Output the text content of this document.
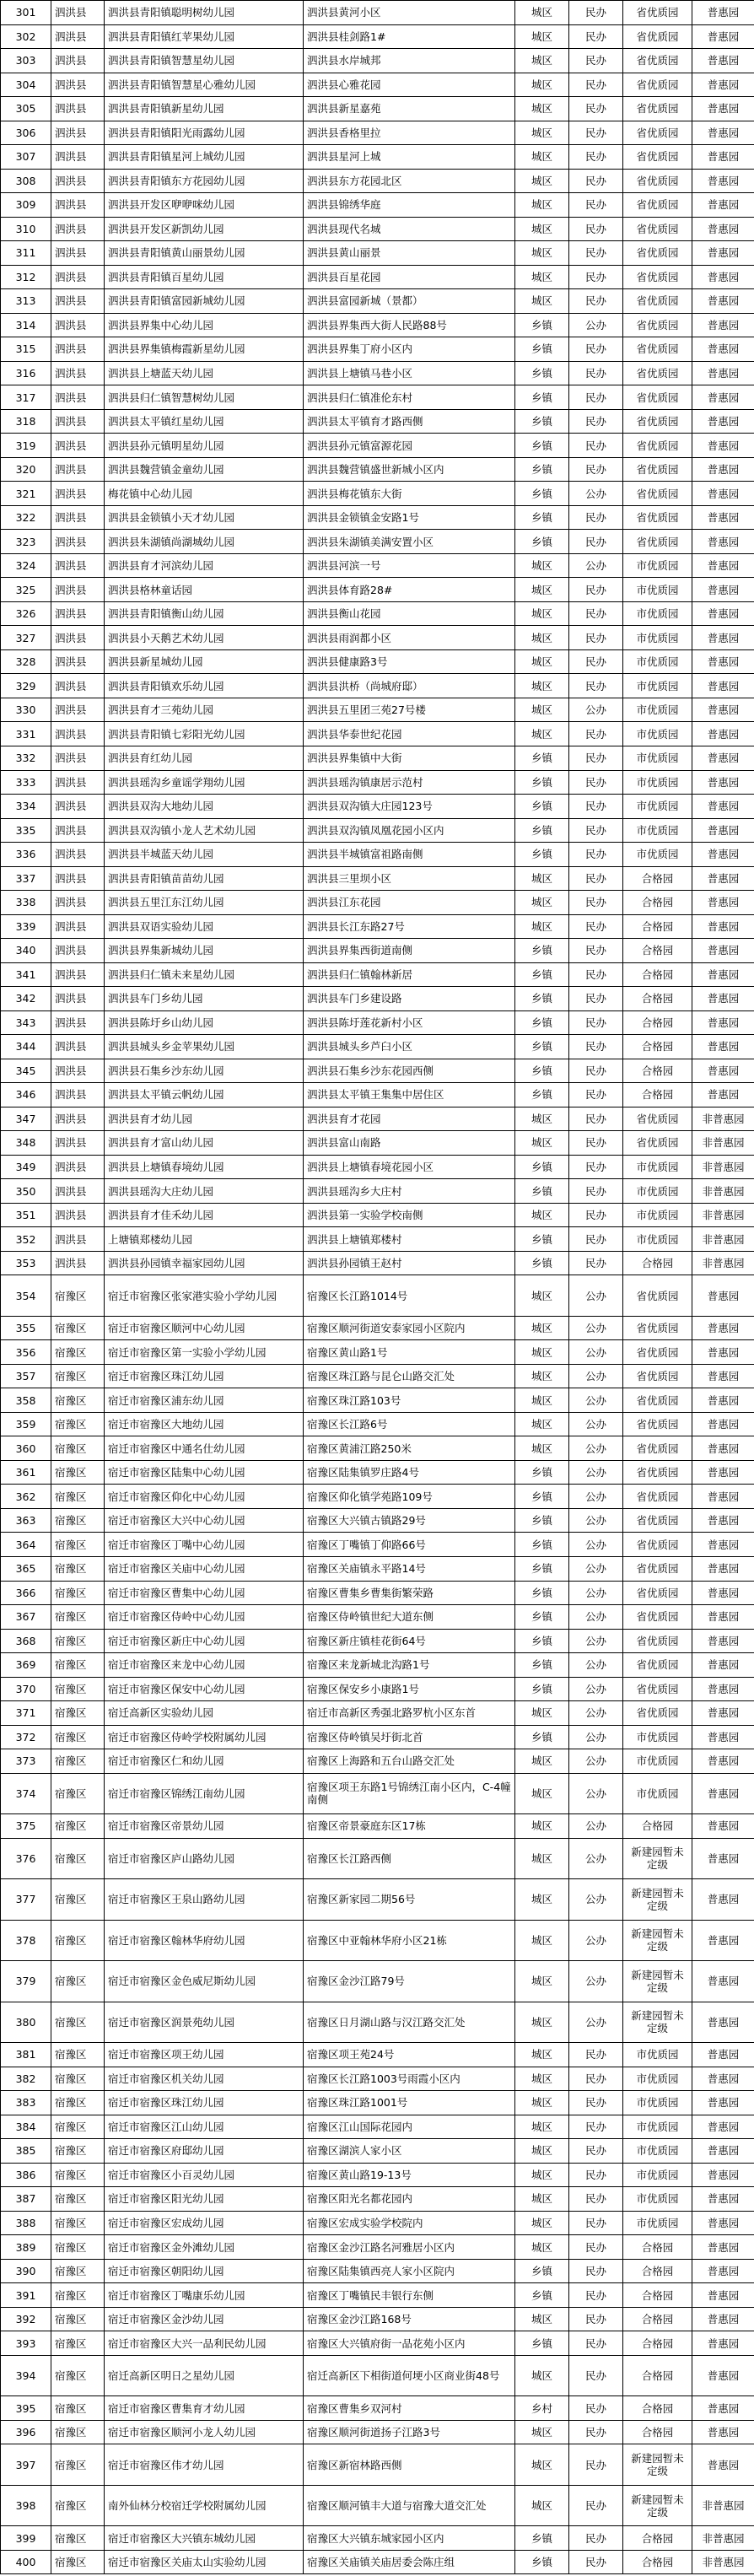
301	泗洪县	泗洪县青阳镇聪明树幼儿园	泗洪县黄河小区	城区	民办	省优质园	普惠园
302	泗洪县	泗洪县青阳镇红苹果幼儿园	泗洪县桂剑路1#	城区	民办	省优质园	普惠园
303	泗洪县	泗洪县青阳镇智慧星幼儿园	泗洪县水岸城邦	城区	民办	省优质园	普惠园
304	泗洪县	泗洪县青阳镇智慧星心雅幼儿园	泗洪县心雅花园	城区	民办	省优质园	普惠园
305	泗洪县	泗洪县青阳镇新星幼儿园	泗洪县新星嘉苑	城区	民办	省优质园	普惠园
306	泗洪县	泗洪县青阳镇阳光雨露幼儿园	泗洪县香格里拉	城区	民办	省优质园	普惠园
307	泗洪县	泗洪县青阳镇星河上城幼儿园	泗洪县星河上城	城区	民办	省优质园	普惠园
308	泗洪县	泗洪县青阳镇东方花园幼儿园	泗洪县东方花园北区	城区	民办	省优质园	普惠园
309	泗洪县	泗洪县开发区咿咿咪幼儿园	泗洪县锦绣华庭	城区	民办	省优质园	普惠园
310	泗洪县	泗洪县开发区新凯幼儿园	泗洪县现代名城	城区	民办	省优质园	普惠园
311	泗洪县	泗洪县青阳镇黄山丽景幼儿园	泗洪县黄山丽景	城区	民办	省优质园	普惠园
312	泗洪县	泗洪县青阳镇百星幼儿园	泗洪县百星花园	城区	民办	省优质园	普惠园
313	泗洪县	泗洪县青阳镇富园新城幼儿园	泗洪县富园新城（景都）	城区	民办	省优质园	普惠园
314	泗洪县	泗洪县界集中心幼儿园	泗洪县界集西大街人民路88号	乡镇	公办	省优质园	普惠园
315	泗洪县	泗洪县界集镇梅霞新星幼儿园	泗洪县界集丁府小区内	乡镇	民办	省优质园	普惠园
316	泗洪县	泗洪县上塘蓝天幼儿园	泗洪县上塘镇马巷小区	乡镇	民办	省优质园	普惠园
317	泗洪县	泗洪县归仁镇智慧树幼儿园	泗洪县归仁镇准伦东村	乡镇	民办	省优质园	普惠园
318	泗洪县	泗洪县太平镇红星幼儿园	泗洪县太平镇育才路西侧	乡镇	民办	省优质园	普惠园
319	泗洪县	泗洪县孙元镇明星幼儿园	泗洪县孙元镇富源花园	乡镇	民办	省优质园	普惠园
320	泗洪县	泗洪县魏营镇金童幼儿园	泗洪县魏营镇盛世新城小区内	乡镇	民办	省优质园	普惠园
321	泗洪县	梅花镇中心幼儿园	泗洪县梅花镇东大街	乡镇	公办	省优质园	普惠园
322	泗洪县	泗洪县金锁镇小天才幼儿园	泗洪县金锁镇金安路1号	乡镇	民办	省优质园	普惠园
323	泗洪县	泗洪县朱湖镇尚湖城幼儿园	泗洪县朱湖镇美满安置小区	乡镇	民办	省优质园	普惠园
324	泗洪县	泗洪县育才河滨幼儿园	泗洪县河滨一号	城区	公办	市优质园	普惠园
325	泗洪县	泗洪县格林童话园	泗洪县体育路28#	城区	民办	市优质园	普惠园
326	泗洪县	泗洪县青阳镇衡山幼儿园	泗洪县衡山花园	城区	民办	市优质园	普惠园
327	泗洪县	泗洪县小天鹅艺术幼儿园	泗洪县雨润都小区	城区	民办	市优质园	普惠园
328	泗洪县	泗洪县新星城幼儿园	泗洪县健康路3号	城区	民办	市优质园	普惠园
329	泗洪县	泗洪县青阳镇欢乐幼儿园	泗洪县洪桥（尚城府邸）	城区	民办	市优质园	普惠园
330	泗洪县	泗洪县育才三苑幼儿园	泗洪县五里团三苑27号楼	城区	公办	市优质园	普惠园
331	泗洪县	泗洪县青阳镇七彩阳光幼儿园	泗洪县华泰世纪花园	城区	民办	市优质园	普惠园
332	泗洪县	泗洪县育红幼儿园	泗洪县界集镇中大街	乡镇	民办	市优质园	普惠园
333	泗洪县	泗洪县瑶沟乡童谣学翔幼儿园	泗洪县瑶沟镇康居示范村	乡镇	民办	市优质园	普惠园
334	泗洪县	泗洪县双沟大地幼儿园	泗洪县双沟镇大庄园123号	乡镇	民办	市优质园	普惠园
335	泗洪县	泗洪县双沟镇小龙人艺术幼儿园	泗洪县双沟镇凤凰花园小区内	乡镇	民办	市优质园	普惠园
336	泗洪县	泗洪县半城蓝天幼儿园	泗洪县半城镇富祖路南侧	乡镇	民办	市优质园	普惠园
337	泗洪县	泗洪县青阳镇苗苗幼儿园	泗洪县三里坝小区	城区	民办	合格园	普惠园
338	泗洪县	泗洪县五里江东江幼儿园	泗洪县江东花园	城区	民办	合格园	普惠园
339	泗洪县	泗洪县双语实验幼儿园	泗洪县长江东路27号	城区	民办	合格园	普惠园
340	泗洪县	泗洪县界集新城幼儿园	泗洪县界集西街道南侧	乡镇	民办	合格园	普惠园
341	泗洪县	泗洪县归仁镇未来星幼儿园	泗洪县归仁镇翰林新居	乡镇	民办	合格园	普惠园
342	泗洪县	泗洪县车门乡幼儿园	泗洪县车门乡建设路	乡镇	民办	合格园	普惠园
343	泗洪县	泗洪县陈圩乡山幼儿园	泗洪县陈圩莲花新村小区	乡镇	民办	合格园	普惠园
344	泗洪县	泗洪县城头乡金苹果幼儿园	泗洪县城头乡芦臼小区	乡镇	民办	合格园	普惠园
345	泗洪县	泗洪县石集乡沙东幼儿园	泗洪县石集乡沙东花园西侧	乡镇	民办	合格园	普惠园
346	泗洪县	泗洪县太平镇云帆幼儿园	泗洪县太平镇王集集中居住区	乡镇	民办	合格园	普惠园
347	泗洪县	泗洪县育才幼儿园	泗洪县育才花园	城区	民办	省优质园	非普惠园
348	泗洪县	泗洪县育才富山幼儿园	泗洪县富山南路	城区	民办	省优质园	非普惠园
349	泗洪县	泗洪县上塘镇春境幼儿园	泗洪县上塘镇春境花园小区	乡镇	民办	市优质园	非普惠园
350	泗洪县	泗洪县瑶沟大庄幼儿园	泗洪县瑶沟乡大庄村	乡镇	民办	市优质园	非普惠园
351	泗洪县	泗洪县育才佳禾幼儿园	泗洪县第一实验学校南侧	城区	民办	市优质园	非普惠园
352	泗洪县	上塘镇郑楼幼儿园	泗洪县上塘镇郑楼村	乡镇	民办	市优质园	非普惠园
353	泗洪县	泗洪县孙园镇幸福家园幼儿园	泗洪县孙园镇王赵村	乡镇	民办	合格园	非普惠园
354	宿豫区	宿迁市宿豫区张家港实验小学幼儿园	宿豫区长江路1014号	城区	公办	省优质园	普惠园
355	宿豫区	宿迁市宿豫区顺河中心幼儿园	宿豫区顺河街道安泰家园小区院内	城区	公办	省优质园	普惠园
356	宿豫区	宿迁市宿豫区第一实验小学幼儿园	宿豫区黄山路1号	城区	公办	省优质园	普惠园
357	宿豫区	宿迁市宿豫区珠江幼儿园	宿豫区珠江路与昆仑山路交汇处	城区	公办	省优质园	普惠园
358	宿豫区	宿迁市宿豫区浦东幼儿园	宿豫区珠江路103号	城区	公办	省优质园	普惠园
359	宿豫区	宿迁市宿豫区大地幼儿园	宿豫区长江路6号	城区	公办	省优质园	普惠园
360	宿豫区	宿迁市宿豫区中通名仕幼儿园	宿豫区黄浦江路250米	城区	公办	省优质园	普惠园
361	宿豫区	宿迁市宿豫区陆集中心幼儿园	宿豫区陆集镇罗庄路4号	乡镇	公办	省优质园	普惠园
362	宿豫区	宿迁市宿豫区仰化中心幼儿园	宿豫区仰化镇学苑路109号	乡镇	公办	省优质园	普惠园
363	宿豫区	宿迁市宿豫区大兴中心幼儿园	宿豫区大兴镇古镇路29号	乡镇	公办	省优质园	普惠园
364	宿豫区	宿迁市宿豫区丁嘴中心幼儿园	宿豫区丁嘴镇丁仰路66号	乡镇	公办	省优质园	普惠园
365	宿豫区	宿迁市宿豫区关庙中心幼儿园	宿豫区关庙镇永平路14号	乡镇	公办	省优质园	普惠园
366	宿豫区	宿迁市宿豫区曹集中心幼儿园	宿豫区曹集乡曹集街繁荣路	乡镇	公办	省优质园	普惠园
367	宿豫区	宿迁市宿豫区侍岭中心幼儿园	宿豫区侍岭镇世纪大道东侧	乡镇	公办	省优质园	普惠园
368	宿豫区	宿迁市宿豫区新庄中心幼儿园	宿豫区新庄镇桂花街64号	乡镇	公办	省优质园	普惠园
369	宿豫区	宿迁市宿豫区来龙中心幼儿园	宿豫区来龙新城北沟路1号	乡镇	公办	省优质园	普惠园
370	宿豫区	宿迁市宿豫区保安中心幼儿园	宿豫区保安乡小康路1号	乡镇	公办	省优质园	普惠园
371	宿豫区	宿迁高新区实验幼儿园	宿迁市高新区秀强北路罗杭小区东首	城区	公办	省优质园	普惠园
372	宿豫区	宿迁市宿豫区侍岭学校附属幼儿园	宿豫区侍岭镇吴圩街北首	乡镇	公办	市优质园	普惠园
373	宿豫区	宿迁市宿豫区仁和幼儿园	宿豫区上海路和五台山路交汇处	城区	公办	市优质园	普惠园
374	宿豫区	宿迁市宿豫区锦绣江南幼儿园	宿豫区项王东路1号锦绣江南小区内，C-4幢南侧	城区	公办	市优质园	普惠园
375	宿豫区	宿迁市宿豫区帝景幼儿园	宿豫区帝景豪庭东区17栋	城区	公办	合格园	普惠园
376	宿豫区	宿迁市宿豫区庐山路幼儿园	宿豫区长江路西侧	城区	公办	新建园暂未定级	普惠园
377	宿豫区	宿迁市宿豫区王泉山路幼儿园	宿豫区新家园二期56号	城区	公办	新建园暂未定级	普惠园
378	宿豫区	宿迁市宿豫区翰林华府幼儿园	宿豫区中亚翰林华府小区21栋	城区	公办	新建园暂未定级	普惠园
379	宿豫区	宿迁市宿豫区金色威尼斯幼儿园	宿豫区金沙江路79号	城区	公办	新建园暂未定级	普惠园
380	宿豫区	宿迁市宿豫区润景苑幼儿园	宿豫区日月湖山路与汉江路交汇处	城区	公办	新建园暂未定级	普惠园
381	宿豫区	宿迁市宿豫区项王幼儿园	宿豫区项王苑24号	城区	民办	市优质园	普惠园
382	宿豫区	宿迁市宿豫区机关幼儿园	宿豫区长江路1003号雨霞小区内	城区	民办	市优质园	普惠园
383	宿豫区	宿迁市宿豫区珠江幼儿园	宿豫区珠江路1001号	城区	民办	市优质园	普惠园
384	宿豫区	宿迁市宿豫区江山幼儿园	宿豫区江山国际花园内	城区	民办	市优质园	普惠园
385	宿豫区	宿迁市宿豫区府邸幼儿园	宿豫区湖滨人家小区	城区	民办	市优质园	普惠园
386	宿豫区	宿迁市宿豫区小百灵幼儿园	宿豫区黄山路19-13号	城区	民办	市优质园	普惠园
387	宿豫区	宿迁市宿豫区阳光幼儿园	宿豫区阳光名都花园内	城区	民办	市优质园	普惠园
388	宿豫区	宿迁市宿豫区宏成幼儿园	宿豫区宏成实验学校院内	城区	民办	市优质园	普惠园
389	宿豫区	宿迁市宿豫区金外滩幼儿园	宿豫区金沙江路名河雅居小区内	城区	民办	合格园	普惠园
390	宿豫区	宿迁市宿豫区朝阳幼儿园	宿豫区陆集镇西亮人家小区院内	乡镇	民办	合格园	普惠园
391	宿豫区	宿迁市宿豫区丁嘴康乐幼儿园	宿豫区丁嘴镇民丰银行东侧	乡镇	民办	合格园	普惠园
392	宿豫区	宿迁市宿豫区金沙幼儿园	宿豫区金沙江路168号	城区	民办	合格园	普惠园
393	宿豫区	宿迁市宿豫区大兴一品利民幼儿园	宿豫区大兴镇府街一品花苑小区内	乡镇	民办	合格园	普惠园
394	宿豫区	宿迁高新区明日之星幼儿园	宿迁高新区下相街道何埂小区商业街48号	城区	民办	合格园	普惠园
395	宿豫区	宿迁市宿豫区曹集育才幼儿园	宿豫区曹集乡双河村	乡村	民办	合格园	普惠园
396	宿豫区	宿迁市宿豫区顺河小龙人幼儿园	宿豫区顺河街道扬子江路3号	城区	民办	合格园	普惠园
397	宿豫区	宿迁市宿豫区伟才幼儿园	宿豫区新宿林路西侧	城区	民办	新建园暂未定级	普惠园
398	宿豫区	南外仙林分校宿迁学校附属幼儿园	宿豫区顺河镇丰大道与宿豫大道交汇处	城区	民办	新建园暂未定级	非普惠园
399	宿豫区	宿迁市宿豫区大兴镇东城幼儿园	宿豫区大兴镇东城家园小区内	乡镇	民办	合格园	非普惠园
400	宿豫区	宿迁市宿豫区关庙太山实验幼儿园	宿豫区关庙镇关庙居委会陈庄组	乡镇	民办	合格园	非普惠园
